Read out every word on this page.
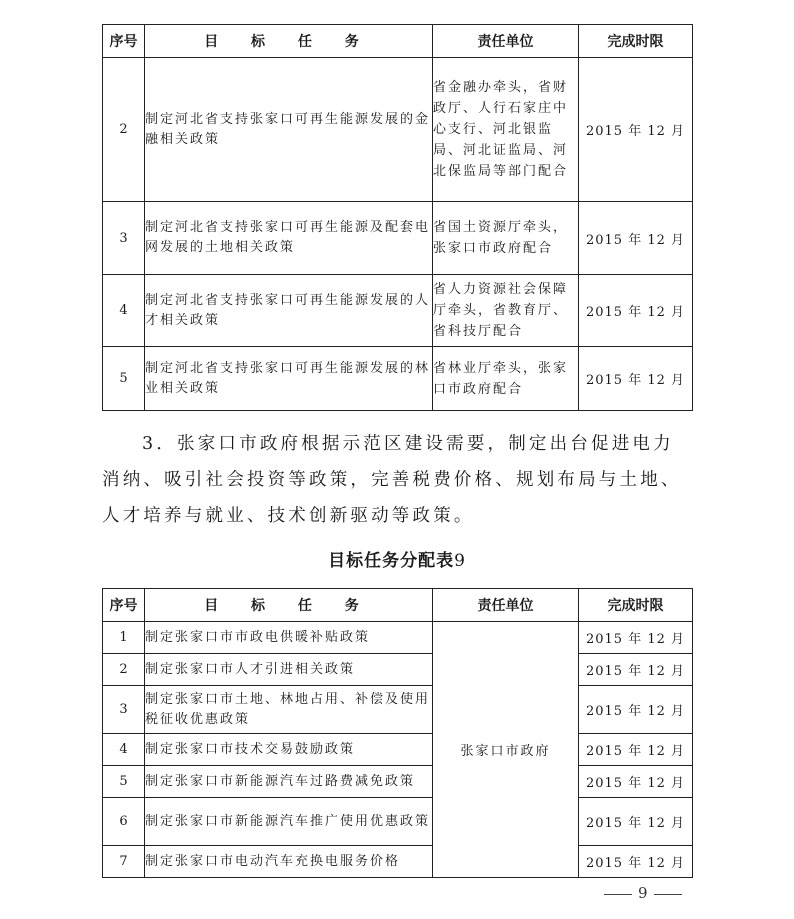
序号	目 标 任 务	责任单位	完成时限
2	制定河北省支持张家口可再生能源发展的金融相关政策	省金融办牵头，省财政厅、人行石家庄中心支行、河北银监局、河北证监局、河北保监局等部门配合	2015 年 12 月
3	制定河北省支持张家口可再生能源及配套电网发展的土地相关政策	省国土资源厅牵头，张家口市政府配合	2015 年 12 月
4	制定河北省支持张家口可再生能源发展的人才相关政策	省人力资源社会保障厅牵头，省教育厅、省科技厅配合	2015 年 12 月
5	制定河北省支持张家口可再生能源发展的林业相关政策	省林业厅牵头，张家口市政府配合	2015 年 12 月
3．张家口市政府根据示范区建设需要，制定出台促进电力
消纳、吸引社会投资等政策，完善税费价格、规划布局与土地、
人才培养与就业、技术创新驱动等政策。
目标任务分配表9
序号	目 标 任 务	责任单位	完成时限
1	制定张家口市市政电供暖补贴政策	张家口市政府	2015 年 12 月
2	制定张家口市人才引进相关政策		2015 年 12 月
3	制定张家口市土地、林地占用、补偿及使用税征收优惠政策		2015 年 12 月
4	制定张家口市技术交易鼓励政策		2015 年 12 月
5	制定张家口市新能源汽车过路费减免政策		2015 年 12 月
6	制定张家口市新能源汽车推广使用优惠政策		2015 年 12 月
7	制定张家口市电动汽车充换电服务价格		2015 年 12 月
9
